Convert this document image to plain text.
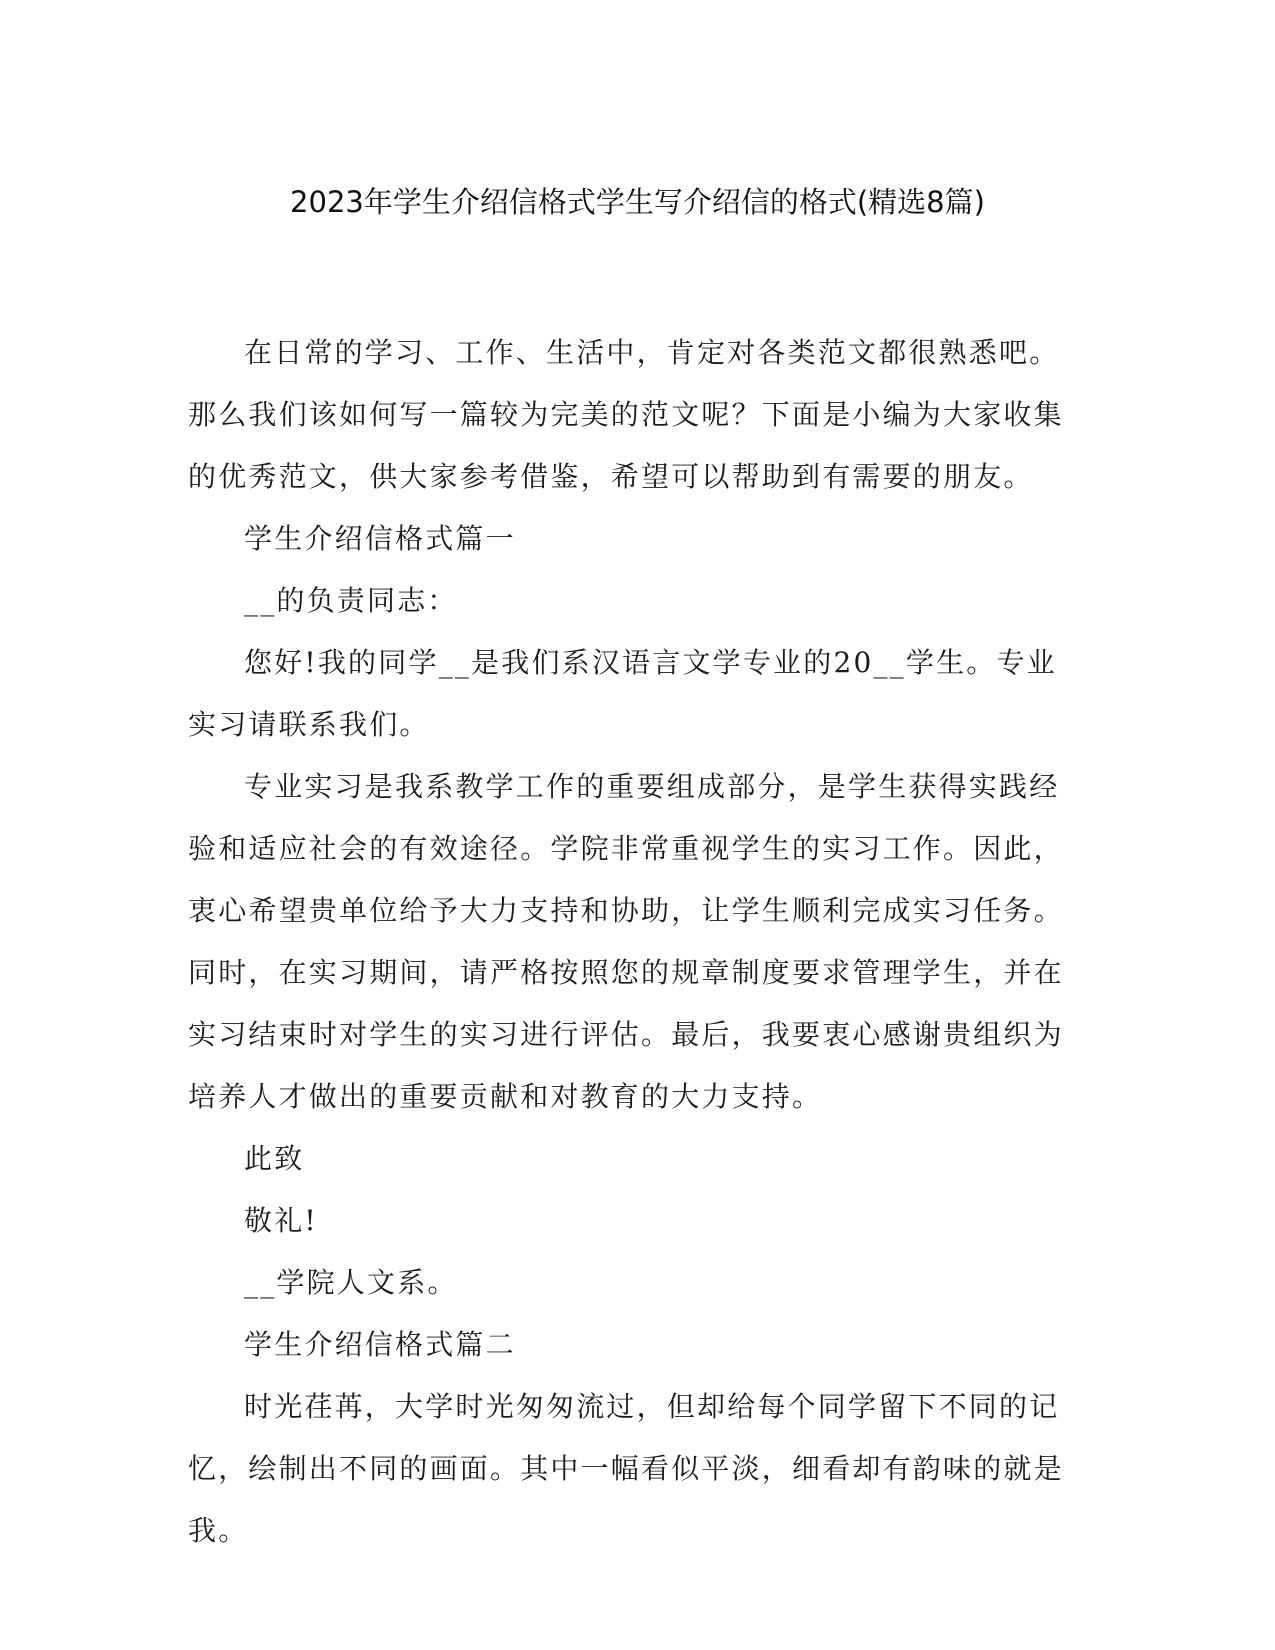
2023年学生介绍信格式学生写介绍信的格式(精选8篇)

在日常的学习、工作、生活中，肯定对各类范文都很熟悉吧。那么我们该如何写一篇较为完美的范文呢？下面是小编为大家收集的优秀范文，供大家参考借鉴，希望可以帮助到有需要的朋友。

学生介绍信格式篇一

__的负责同志：

您好!我的同学__是我们系汉语言文学专业的20__学生。专业实习请联系我们。

专业实习是我系教学工作的重要组成部分，是学生获得实践经验和适应社会的有效途径。学院非常重视学生的实习工作。因此，衷心希望贵单位给予大力支持和协助，让学生顺利完成实习任务。同时，在实习期间，请严格按照您的规章制度要求管理学生，并在实习结束时对学生的实习进行评估。最后，我要衷心感谢贵组织为培养人才做出的重要贡献和对教育的大力支持。

此致

敬礼!

__学院人文系。

学生介绍信格式篇二

时光荏苒，大学时光匆匆流过，但却给每个同学留下不同的记忆，绘制出不同的画面。其中一幅看似平淡，细看却有韵味的就是我。
